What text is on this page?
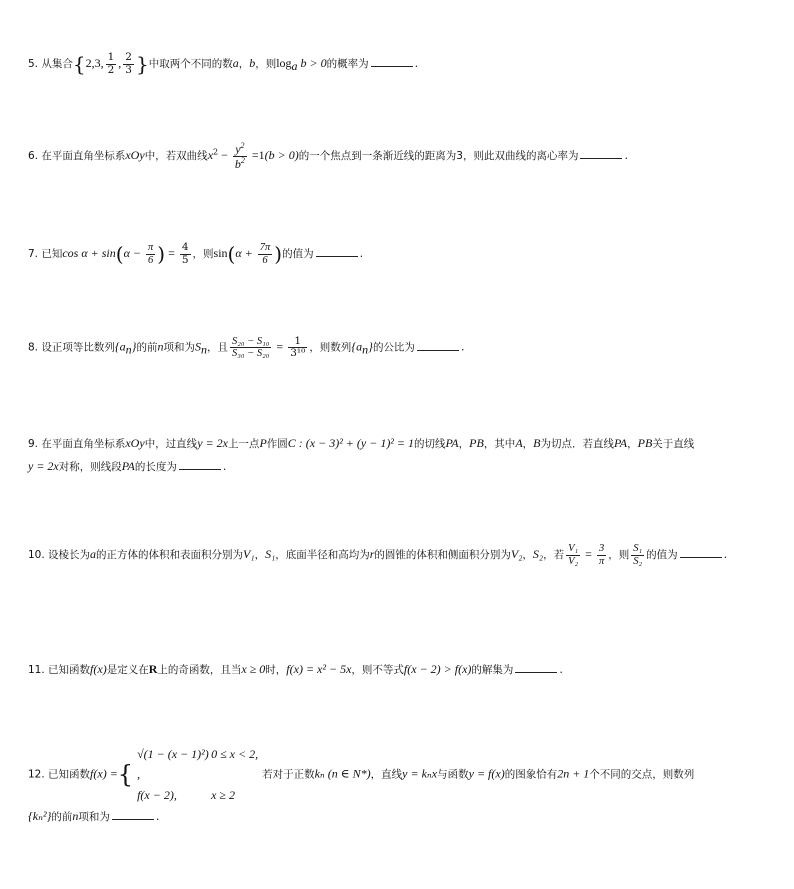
5. 从集合{2,3, $\frac{1}{2}$ , $\frac{2}{3}$ }中取两个不同的数a，b，则$\log_a b > 0$的概率为	.
6. 在平面直角坐标系xOy中，若双曲线$x^2 - \frac{y^2}{b^2} =1(b > 0)$的一个焦点到一条渐近线的距离为3，则此双曲线的离心率为	.
7. 已知$\cos \alpha + \sin(\alpha - \frac{\pi}{6}$ ) = $\frac{4}{5}$ ，则$\sin(\alpha + \frac{7\pi}{6}$ )的值为	.
8. 设正项等比数列$\{a_n\}$的前n项和为$S_n$，且 $\frac{\text{S₂₀ − S₁₀}}{\text{S₃₀ − S₂₀}} = \frac{1}{\text{3¹⁰}}$ ，则数列$\{a_n\}$的公比为	.
9. 在平面直角坐标系xOy中，过直线y = 2x上一点P作圆C : (x − 3)² + (y − 1)² = 1的切线PA，PB，其中A，B为切点．若直线PA，PB关于直线
y = 2x对称，则线段PA的长度为	.
10. 设棱长为a的正方体的体积和表面积分别为V₁，S₁，底面半径和高均为r的圆锥的体积和侧面积分别为V₂，S₂，若 $\frac{\text{V₁}}{\text{V₂}} = \frac{3}{\pi}$ ，则 $\frac{\text{S₁}}{\text{S₂}}$ 的值为	.
11. 已知函数f(x)是定义在R上的奇函数，且当x ≥ 0时，f(x) = x² − 5x，则不等式f(x − 2) > f(x)的解集为	.
12. 已知函数f(x) ={
√(1 − (x − 1)²) ,
0 ≤ x < 2,
f(x − 2),	x ≥ 2
若对于正数kₙ (n ∈ N*)，直线y = kₙx与函数y = f(x)的图象恰有2n + 1个不同的交点，则数列
{kₙ²}的前n项和为	.
